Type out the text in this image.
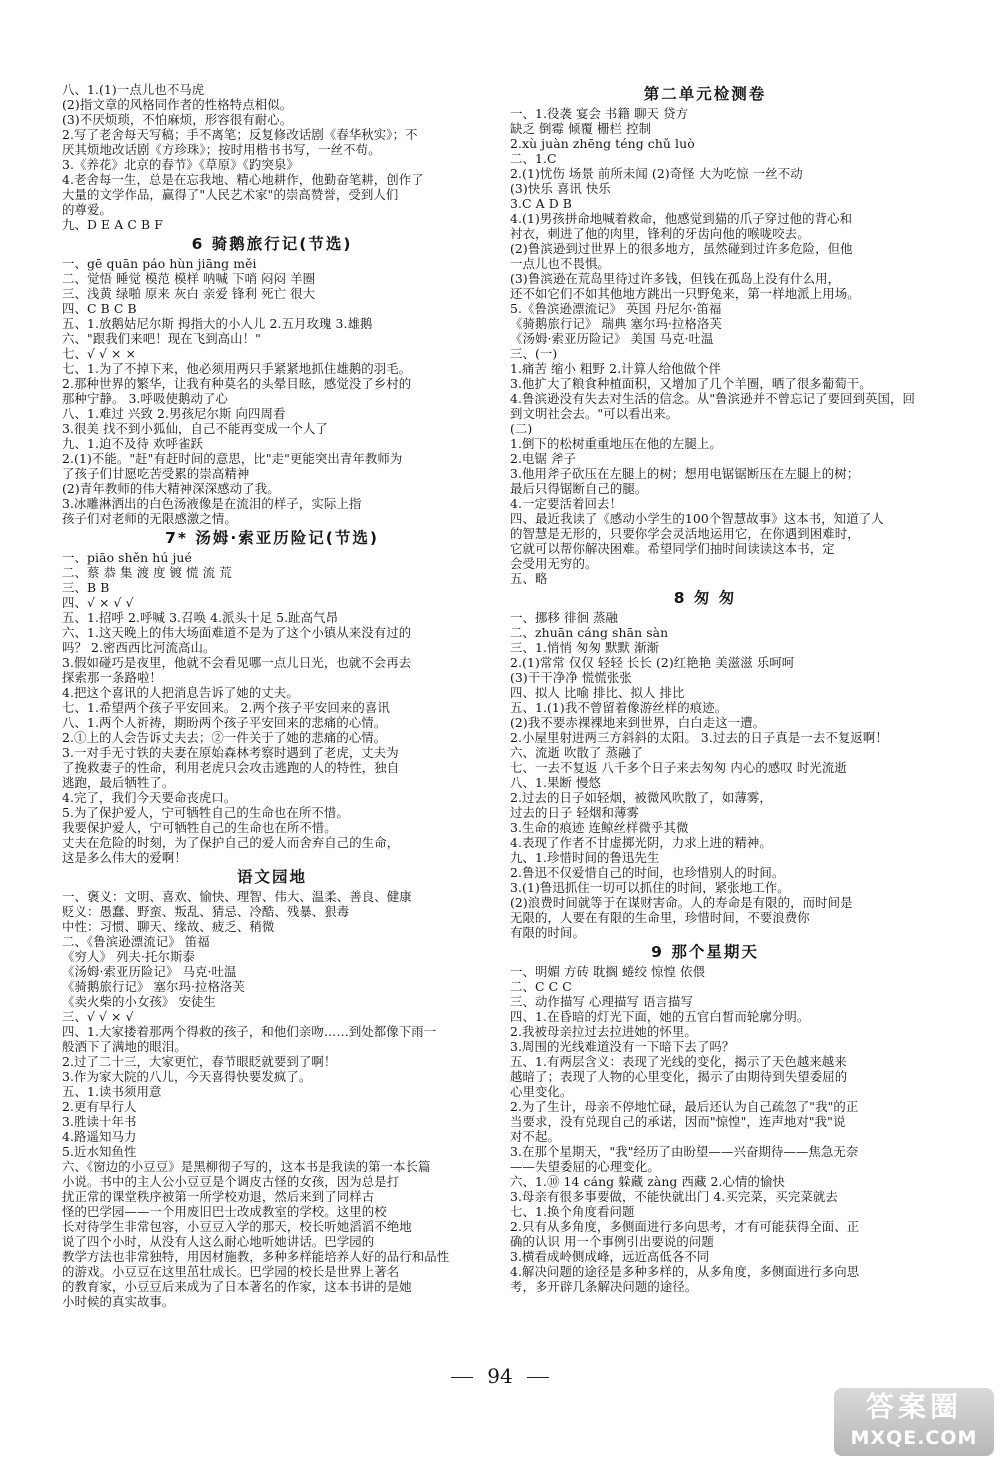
八、1.(1)一点儿也不马虎
(2)指文章的风格同作者的性格特点相似。
(3)不厌烦琐，不怕麻烦，形容很有耐心。
2.写了老舍每天写稿；手不离笔；反复修改话剧《春华秋实》；不
厌其烦地改话剧《方珍珠》；按时用楷书书写，一丝不苟。
3.《养花》北京的春节》《草原》《趵突泉》
4.老舍每一生，总是在忘我地、精心地耕作，他勤奋笔耕，创作了
大量的文学作品，赢得了"人民艺术家"的崇高赞誉，受到人们
的尊爱。
九、D E A C B F
6 骑鹅旅行记(节选)
一、gē quān páo hùn jiāng měi
二、觉悟 睡觉 模范 模样 呐喊 下哨 闷闷 羊圈
三、浅黄 绿啪 原来 灰白 亲爱 锋利 死亡 很大
四、C B C B
五、1.放鹅姑尼尔斯 拇指大的小人儿 2.五月玫瑰 3.雄鹅
六、"跟我们来吧！现在飞到高山！"
七、√ √ × ×
七、1.为了不掉下来，他必须用两只手紧紧地抓住雄鹅的羽毛。
2.那种世界的繁华，让我有种莫名的头晕目眩，感觉没了乡村的
那种宁静。 3.呼吸使鹅动了心
八、1.难过 兴致 2.男孩尼尔斯 向四周看
3.很美 找不到小狐仙，自己不能再变成一个人了
九、1.迫不及待 欢呼雀跃
2.(1)不能。"赶"有赶时间的意思，比"走"更能突出青年教师为
了孩子们甘愿吃苦受累的崇高精神
(2)青年教师的伟大精神深深感动了我。
3.冰雕淋洒出的白色汤液像是在流泪的样子，实际上指
孩子们对老师的无限感激之情。
7* 汤姆·索亚历险记(节选)
一、piāo shěn hú jué
二、蔡 恭 集 渡 度 镀 慌 流 荒
三、B B
四、√ × √ √
五、1.招呼 2.呼喊 3.召唤 4.派头十足 5.趾高气昂
六、1.这天晚上的伟大场面难道不是为了这个小镇从来没有过的
吗？ 2.密西西比河流高山。
3.假如碰巧是夜里，他就不会看见哪一点儿日光，也就不会再去
探索那一条路啦！
4.把这个喜讯的人把消息告诉了她的丈夫。
七、1.希望两个孩子平安回来。 2.两个孩子平安回来的喜讯
八、1.两个人祈祷，期盼两个孩子平安回来的悲痛的心情。
2.①上的人会告诉丈夫去；②一件关于了她的悲痛的心情。
3.一对手无寸铁的夫妻在原始森林考察时遇到了老虎，丈夫为
了挽救妻子的性命，利用老虎只会攻击逃跑的人的特性，独自
逃跑，最后牺牲了。
4.完了，我们今天要命丧虎口。
5.为了保护爱人，宁可牺牲自己的生命也在所不惜。
我要保护爱人，宁可牺牲自己的生命也在所不惜。
丈夫在危险的时刻，为了保护自己的爱人而舍弃自己的生命，
这是多么伟大的爱啊！
语文园地
一、褒义：文明、喜欢、愉快、理智、伟大、温柔、善良、健康
贬义：愚蠢、野蛮、叛乱、猜忌、冷酷、残暴、狠毒
中性：习惯、聊天、缘故、疲乏、稍微
二、《鲁滨逊漂流记》 笛福
《穷人》 列夫·托尔斯泰
《汤姆·索亚历险记》 马克·吐温
《骑鹅旅行记》 塞尔玛·拉格洛芙
《卖火柴的小女孩》 安徒生
三、√ √ × √
四、1.大家搂着那两个得救的孩子，和他们亲吻……到处都像下雨一
般洒下了满地的眼泪。
2.过了二十三，大家更忙，春节眼眨就要到了啊！
3.作为家大院的八儿，今天喜得快要发疯了。
五、1.读书须用意
2.更有早行人
3.胜读十年书
4.路遥知马力
5.近水知鱼性
六、《窗边的小豆豆》是黑柳彻子写的，这本书是我读的第一本长篇
小说。书中的主人公小豆豆是个调皮古怪的女孩，因为总是打
扰正常的课堂秩序被第一所学校劝退，然后来到了同样古
怪的巴学园——一个用废旧巴士改成教室的学校。这里的校
长对待学生非常包容，小豆豆入学的那天，校长听她滔滔不绝地
说了四个小时，从没有人这么耐心地听她讲话。巴学园的
教学方法也非常独特，用因材施教，多种多样能培养人好的品行和品性
的游戏。小豆豆在这里茁壮成长。巴学园的校长是世界上著名
的教育家，小豆豆后来成为了日本著名的作家，这本书讲的是她
小时候的真实故事。
第二单元检测卷
一、1.役袭 宴会 书籍 聊天 贷方
缺乏 倒霉 倾覆 栅栏 控制
2.xù juàn zhēng téng chǔ luò
二、1.C
2.(1)忧伤 场景 前所未闻 (2)奇怪 大为吃惊 一丝不动
(3)快乐 喜讯 快乐
3.C A D B
4.(1)男孩拼命地喊着救命，他感觉到猫的爪子穿过他的背心和
衬衣，刺进了他的肉里，锋利的牙齿向他的喉咙咬去。
(2)鲁滨逊到过世界上的很多地方，虽然碰到过许多危险，但他
一点儿也不畏惧。
(3)鲁滨逊在荒岛里待过许多钱，但钱在孤岛上没有什么用，
还不如它们不如其他地方跳出一只野兔来，第一样地派上用场。
5.《鲁滨逊漂流记》 英国 丹尼尔·笛福
《骑鹅旅行记》 瑞典 塞尔玛·拉格洛芙
《汤姆·索亚历险记》 美国 马克·吐温
三、(一)
1.痛苦 缩小 粗野 2.计算人给他做个伴
3.他扩大了粮食种植面积，又增加了几个羊圈，晒了很多葡萄干。
4.鲁滨逊没有失去对生活的信念。从"鲁滨逊并不曾忘记了要回到英国，回
到文明社会去。"可以看出来。
(二)
1.倒下的松树重重地压在他的左腿上。
2.电锯 斧子
3.他用斧子砍压在左腿上的树；想用电锯锯断压在左腿上的树；
最后只得锯断自己的腿。
4.一定要活着回去！
四、最近我读了《感动小学生的100个智慧故事》这本书，知道了人
的智慧是无形的，只要你学会灵活地运用它，在你遇到困难时，
它就可以帮你解决困难。希望同学们抽时间读读这本书，定
会受用无穷的。
五、略
8 匆 匆
一、挪移 徘徊 蒸融
二、zhuān cáng shān sàn
三、1.悄悄 匆匆 默默 渐渐
2.(1)常常 仅仅 轻轻 长长 (2)红艳艳 美滋滋 乐呵呵
(3)干干净净 慌慌张张
四、拟人 比喻 排比、拟人 排比
五、1.(1)我不曾留着像游丝样的痕迹。
(2)我不要赤裸裸地来到世界，白白走这一遭。
2.小屋里射进两三方斜斜的太阳。 3.过去的日子真是一去不复返啊！
六、流逝 吹散了 蒸融了
七、一去不复返 八千多个日子来去匆匆 内心的感叹 时光流逝
八、1.果断 慢悠
2.过去的日子如轻烟，被微风吹散了，如薄雾，
过去的日子 轻烟和薄雾
3.生命的痕迹 连鲸丝样微乎其微
4.表现了作者不甘虚掷光阴，力求上进的精神。
九、1.珍惜时间的鲁迅先生
2.鲁迅不仅爱惜自己的时间，也珍惜别人的时间。
3.(1)鲁迅抓住一切可以抓住的时间，紧张地工作。
(2)浪费时间就等于在谋财害命。人的寿命是有限的，而时间是
无限的，人要在有限的生命里，珍惜时间，不要浪费你
有限的时间。
9 那个星期天
一、明媚 方砖 耽搁 蜷绞 惊惶 依偎
二、C C C
三、动作描写 心理描写 语言描写
四、1.在昏暗的灯光下面，她的五官白皙而轮廓分明。
2.我被母亲拉过去拉进她的怀里。
3.周围的光线难道没有一下暗下去了吗？
五、1.有两层含义：表现了光线的变化，揭示了天色越来越来
越暗了；表现了人物的心里变化，揭示了由期待到失望委屈的
心里变化。
2.为了生计，母亲不停地忙碌，最后还认为自己疏忽了"我"的正
当要求，没有兑现自己的承诺，因而"惊惶"，连声地对"我"说
对不起。
3.在那个星期天，"我"经历了由盼望——兴奋期待——焦急无奈
——失望委屈的心理变化。
六、1.⑩ 14 cáng 躲藏 zàng 西藏 2.心情的愉快
3.母亲有很多事要做，不能快就出门 4.买完菜，买完菜就去
七、1.换个角度看问题
2.只有从多角度，多侧面进行多向思考，才有可能获得全面、正
确的认识 用一个事例引出要说的问题
3.横看成岭侧成峰，远近高低各不同
4.解决问题的途径是多种多样的，从多角度，多侧面进行多向思
考，多开辟几条解决问题的途径。
94
答案圈
MXQE.COM
